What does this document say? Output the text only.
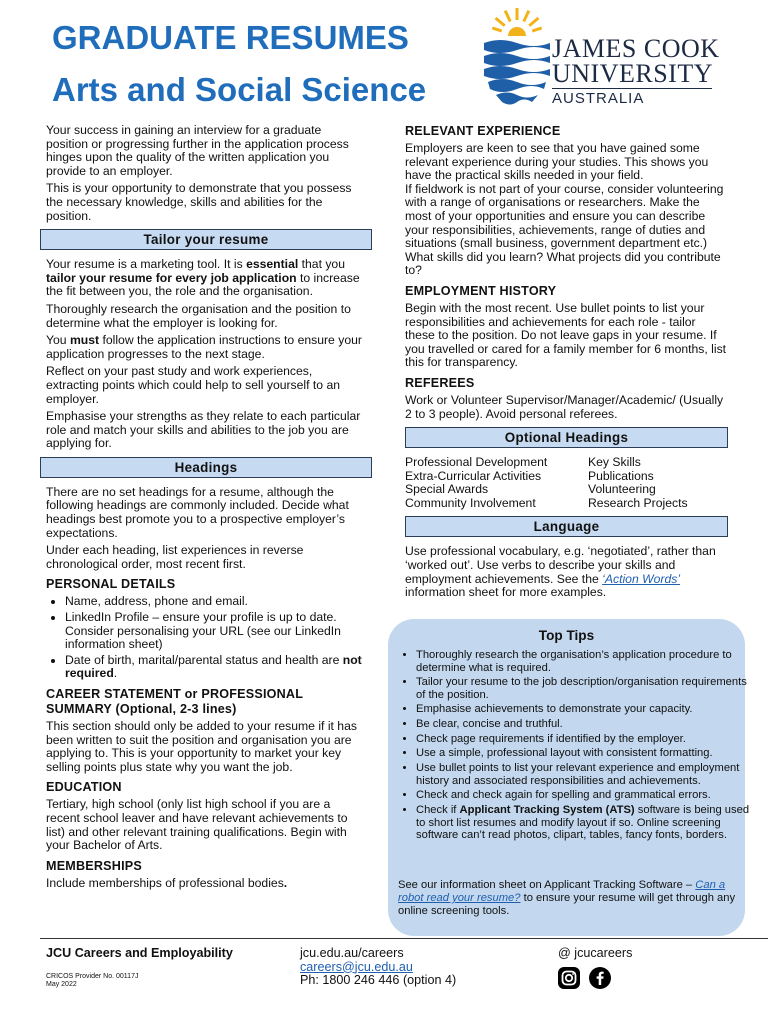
GRADUATE RESUMES
Arts and Social Science
JAMES COOK
UNIVERSITY
AUSTRALIA

Your success in gaining an interview for a graduate position or progressing further in the application process hinges upon the quality of the written application you provide to an employer.

This is your opportunity to demonstrate that you possess the necessary knowledge, skills and abilities for the position.

Tailor your resume

Your resume is a marketing tool. It is essential that you tailor your resume for every job application to increase the fit between you, the role and the organisation.

Thoroughly research the organisation and the position to determine what the employer is looking for.

You must follow the application instructions to ensure your application progresses to the next stage.

Reflect on your past study and work experiences, extracting points which could help to sell yourself to an employer.

Emphasise your strengths as they relate to each particular role and match your skills and abilities to the job you are applying for.

Headings

There are no set headings for a resume, although the following headings are commonly included. Decide what headings best promote you to a prospective employer’s expectations.

Under each heading, list experiences in reverse chronological order, most recent first.

PERSONAL DETAILS
• Name, address, phone and email.
• LinkedIn Profile – ensure your profile is up to date. Consider personalising your URL (see our LinkedIn information sheet)
• Date of birth, marital/parental status and health are not required.
CAREER STATEMENT or PROFESSIONAL SUMMARY (Optional, 2-3 lines)

This section should only be added to your resume if it has been written to suit the position and organisation you are applying to. This is your opportunity to market your key selling points plus state why you want the job.

EDUCATION

Tertiary, high school (only list high school if you are a recent school leaver and have relevant achievements to list) and other relevant training qualifications. Begin with your Bachelor of Arts.

MEMBERSHIPS

Include memberships of professional bodies.

RELEVANT EXPERIENCE

Employers are keen to see that you have gained some relevant experience during your studies. This shows you have the practical skills needed in your field.

If fieldwork is not part of your course, consider volunteering with a range of organisations or researchers. Make the most of your opportunities and ensure you can describe your responsibilities, achievements, range of duties and situations (small business, government department etc.) What skills did you learn? What projects did you contribute to?

EMPLOYMENT HISTORY

Begin with the most recent. Use bullet points to list your responsibilities and achievements for each role - tailor these to the position. Do not leave gaps in your resume. If you travelled or cared for a family member for 6 months, list this for transparency.

REFEREES

Work or Volunteer Supervisor/Manager/Academic/ (Usually 2 to 3 people). Avoid personal referees.

Optional Headings

Professional Development

Extra-Curricular Activities

Special Awards

Community Involvement

Key Skills

Publications

Volunteering

Research Projects

Language

Use professional vocabulary, e.g. ‘negotiated’, rather than ‘worked out’. Use verbs to describe your skills and employment achievements. See the ‘Action Words’ information sheet for more examples.

Top Tips
• Thoroughly research the organisation’s application procedure to determine what is required.
• Tailor your resume to the job description/organisation requirements of the position.
• Emphasise achievements to demonstrate your capacity.
• Be clear, concise and truthful.
• Check page requirements if identified by the employer.
• Use a simple, professional layout with consistent formatting.
• Use bullet points to list your relevant experience and employment history and associated responsibilities and achievements.
• Check and check again for spelling and grammatical errors.
• Check if Applicant Tracking System (ATS) software is being used to short list resumes and modify layout if so. Online screening software can’t read photos, clipart, tables, fancy fonts, borders.

See our information sheet on Applicant Tracking Software – Can a robot read your resume? to ensure your resume will get through any online screening tools.

JCU Careers and Employability

CRICOS Provider No. 00117J

May 2022

jcu.edu.au/careers
careers@jcu.edu.au
Ph: 1800 246 446 (option 4)

@ jcucareers
